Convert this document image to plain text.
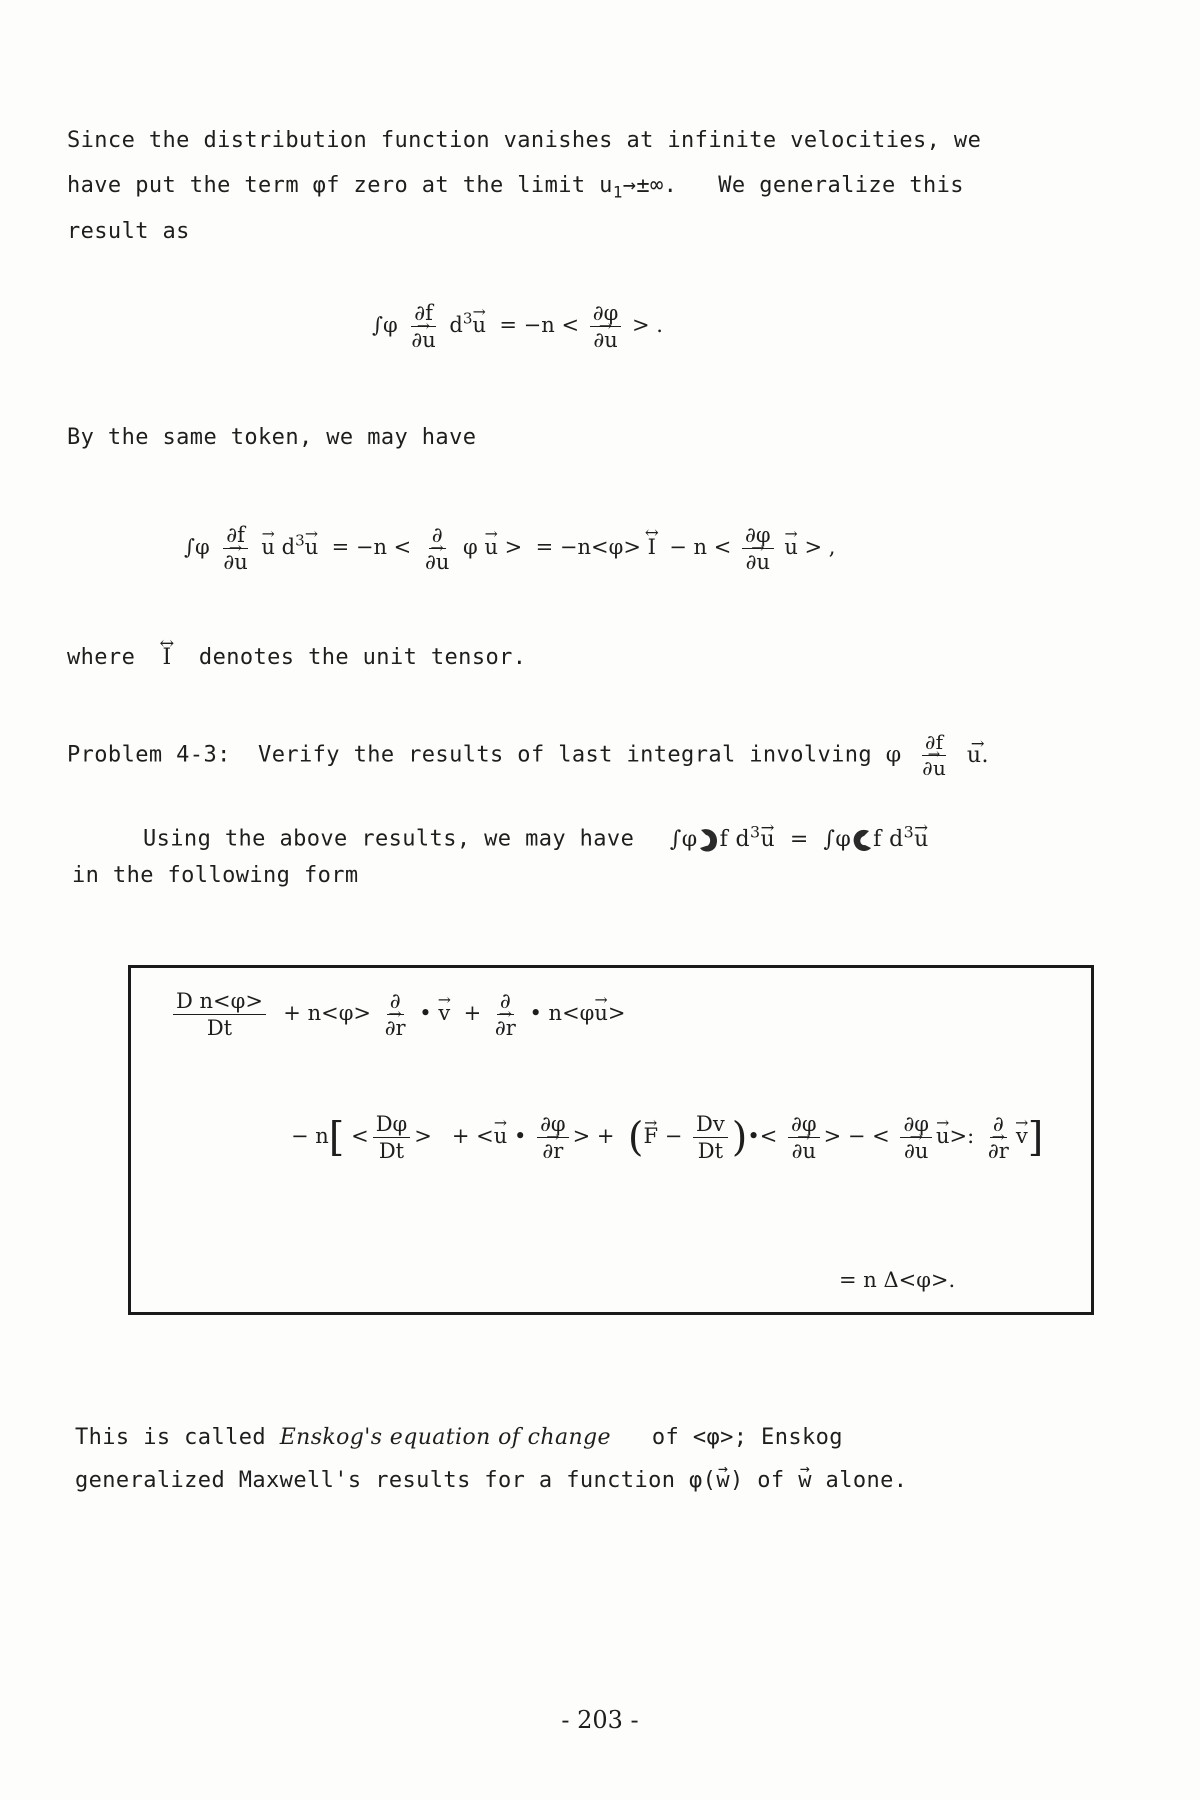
Since the distribution function vanishes at infinite velocities, we
have put the term φf zero at the limit $u_1\to\pm\infty$. We generalize this
result as
∫φ ∂f
→ ∂u $d^3\to u = -n < \partial\varphi$
→ ∂u > .
By the same token, we may have
∫φ ∂f
→ ∂u → u $d^3\to u = -n$ < ∂
→ ∂u φ → u > = −n<φ> ↔ I − n < ∂φ
→ ∂u → u > ,
where ↔ I denotes the unit tensor.
Problem 4-3: Verify the results of last integral involving φ ∂f
→ ∂u → u.
Using the above results, we may have ∫φ f $d^3\to u = \int\varphi$ f $d^3\to u$
in the following form
$\frac{\text{D n<φ>}}{Dt} + n<\varphi>$ ∂
→ ∂r • → v + ∂
→ ∂r • n<φ→ u>
− $n[ < \frac{D\varphi}{Dt}$ > + <→ u • ∂φ
→ ∂r > + (→ $F - \frac{Dv}{Dt}$ )•< ∂φ
→ ∂u > − < ∂φ
→ ∂u → u>: ∂
→ ∂r → v]
= n Δ<φ>.
This is called Enskog's equation of change of <φ>; Enskog
generalized Maxwell's results for a function φ(→ w) of → w alone.
- 203 -
